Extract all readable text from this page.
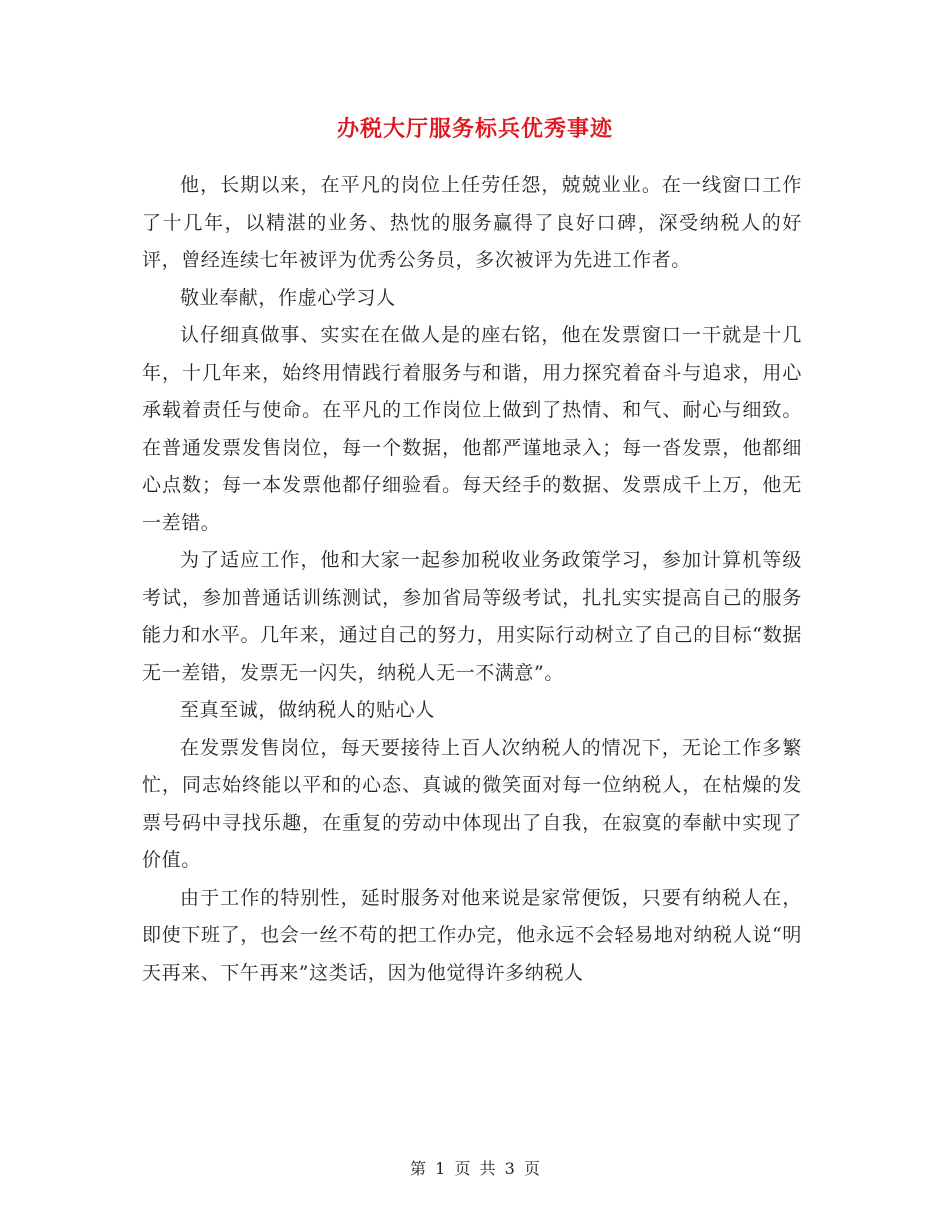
办税大厅服务标兵优秀事迹

他，长期以来，在平凡的岗位上任劳任怨，兢兢业业。在一线窗口工作了十几年，以精湛的业务、热忱的服务赢得了良好口碑，深受纳税人的好评，曾经连续七年被评为优秀公务员，多次被评为先进工作者。

敬业奉献，作虚心学习人

认仔细真做事、实实在在做人是的座右铭，他在发票窗口一干就是十几年，十几年来，始终用情践行着服务与和谐，用力探究着奋斗与追求，用心承载着责任与使命。在平凡的工作岗位上做到了热情、和气、耐心与细致。在普通发票发售岗位，每一个数据，他都严谨地录入；每一沓发票，他都细心点数；每一本发票他都仔细验看。每天经手的数据、发票成千上万，他无一差错。

为了适应工作，他和大家一起参加税收业务政策学习，参加计算机等级考试，参加普通话训练测试，参加省局等级考试，扎扎实实提高自己的服务能力和水平。几年来，通过自己的努力，用实际行动树立了自己的目标“数据无一差错，发票无一闪失，纳税人无一不满意”。

至真至诚，做纳税人的贴心人

在发票发售岗位，每天要接待上百人次纳税人的情况下，无论工作多繁忙，同志始终能以平和的心态、真诚的微笑面对每一位纳税人，在枯燥的发票号码中寻找乐趣，在重复的劳动中体现出了自我，在寂寞的奉献中实现了价值。

由于工作的特别性，延时服务对他来说是家常便饭，只要有纳税人在，即使下班了，也会一丝不苟的把工作办完，他永远不会轻易地对纳税人说“明天再来、下午再来”这类话，因为他觉得许多纳税人

第 1 页 共 3 页
